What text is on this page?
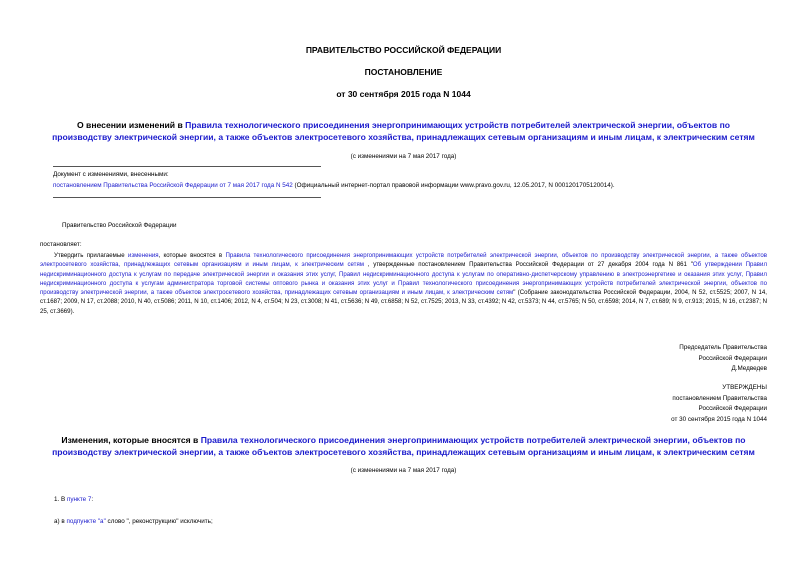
ПРАВИТЕЛЬСТВО РОССИЙСКОЙ ФЕДЕРАЦИИ
ПОСТАНОВЛЕНИЕ
от 30 сентября 2015 года N 1044
О внесении изменений в Правила технологического присоединения энергопринимающих устройств потребителей электрической энергии, объектов по
производству электрической энергии, а также объектов электросетевого хозяйства, принадлежащих сетевым организациям и иным лицам, к электрическим сетям
(с изменениями на 7 мая 2017 года)
Документ с изменениями, внесенными:
постановлением Правительства Российской Федерации от 7 мая 2017 года N 542 (Официальный интернет-портал правовой информации www.pravo.gov.ru, 12.05.2017, N 0001201705120014).
Правительство Российской Федерации
постановляет:
Утвердить прилагаемые изменения, которые вносятся в Правила технологического присоединения энергопринимающих устройств потребителей электрической энергии, объектов по производству электрической энергии, а также объектов электросетевого хозяйства, принадлежащих сетевым организациям и иным лицам, к электрическим сетям , утвержденные постановлением Правительства Российской Федерации от 27 декабря 2004 года N 861 "Об утверждении Правил недискриминационного доступа к услугам по передаче электрической энергии и оказания этих услуг, Правил недискриминационного доступа к услугам по оперативно-диспетчерскому управлению в электроэнергетике и оказания этих услуг, Правил недискриминационного доступа к услугам администратора торговой системы оптового рынка и оказания этих услуг и Правил технологического присоединения энергопринимающих устройств потребителей электрической энергии, объектов по производству электрической энергии, а также объектов электросетевого хозяйства, принадлежащих сетевым организациям и иным лицам, к электрическим сетям" (Собрание законодательства Российской Федерации, 2004, N 52, ст.5525; 2007, N 14, ст.1687; 2009, N 17, ст.2088; 2010, N 40, ст.5086; 2011, N 10, ст.1406; 2012, N 4, ст.504; N 23, ст.3008; N 41, ст.5636; N 49, ст.6858; N 52, ст.7525; 2013, N 33, ст.4392; N 42, ст.5373; N 44, ст.5765; N 50, ст.6598; 2014, N 7, ст.689; N 9, ст.913; 2015, N 16, ст.2387; N 25, ст.3669).
Председатель Правительства
Российской Федерации
Д.Медведев
УТВЕРЖДЕНЫ
постановлением Правительства
Российской Федерации
от 30 сентября 2015 года N 1044
Изменения, которые вносятся в Правила технологического присоединения энергопринимающих устройств потребителей электрической энергии, объектов по
производству электрической энергии, а также объектов электросетевого хозяйства, принадлежащих сетевым организациям и иным лицам, к электрическим сетям
(с изменениями на 7 мая 2017 года)
1. В пункте 7:
а) в подпункте "а" слово ", реконструкцию" исключить;
